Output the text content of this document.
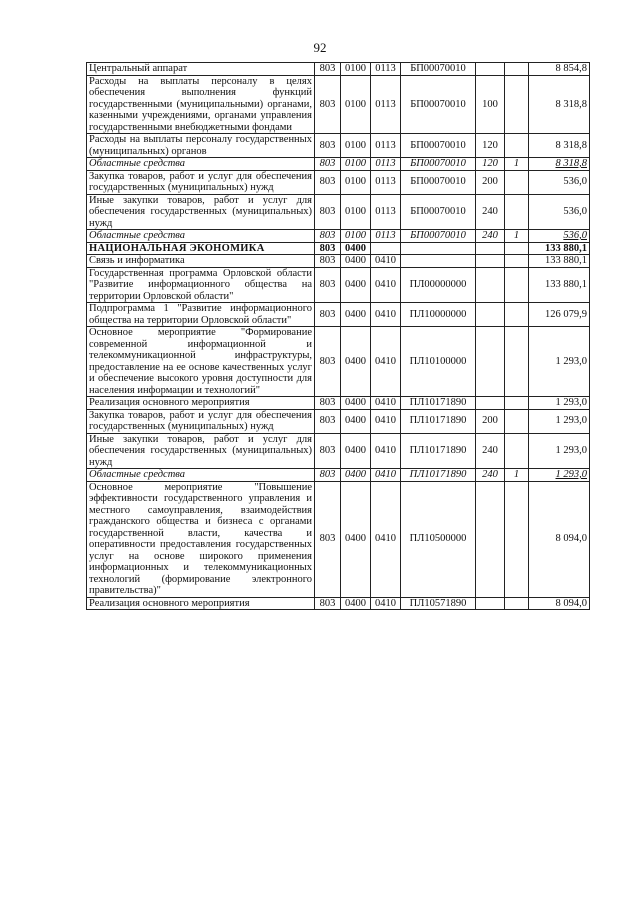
92
Центральный аппарат	803	0100	0113	БП00070010			8 854,8
Расходы на выплаты персоналу в целях обеспечения выполнения функций государственными (муниципальными) органами, казенными учреждениями, органами управления государственными внебюджетными фондами	803	0100	0113	БП00070010	100		8 318,8
Расходы на выплаты персоналу государственных (муниципальных) органов	803	0100	0113	БП00070010	120		8 318,8
Областные средства	803	0100	0113	БП00070010	120	1	8 318,8
Закупка товаров, работ и услуг для обеспечения государственных (муниципальных) нужд	803	0100	0113	БП00070010	200		536,0
Иные закупки товаров, работ и услуг для обеспечения государственных (муниципальных) нужд	803	0100	0113	БП00070010	240		536,0
Областные средства	803	0100	0113	БП00070010	240	1	536,0
НАЦИОНАЛЬНАЯ ЭКОНОМИКА	803	0400					133 880,1
Связь и информатика	803	0400	0410				133 880,1
Государственная программа Орловской области "Развитие информационного общества на территории Орловской области"	803	0400	0410	ПЛ00000000			133 880,1
Подпрограмма 1 "Развитие информационного общества на территории Орловской области"	803	0400	0410	ПЛ10000000			126 079,9
Основное мероприятие "Формирование современной информационной и телекоммуникационной инфраструктуры, предоставление на ее основе качественных услуг и обеспечение высокого уровня доступности для населения информации и технологий"	803	0400	0410	ПЛ10100000			1 293,0
Реализация основного мероприятия	803	0400	0410	ПЛ10171890			1 293,0
Закупка товаров, работ и услуг для обеспечения государственных (муниципальных) нужд	803	0400	0410	ПЛ10171890	200		1 293,0
Иные закупки товаров, работ и услуг для обеспечения государственных (муниципальных) нужд	803	0400	0410	ПЛ10171890	240		1 293,0
Областные средства	803	0400	0410	ПЛ10171890	240	1	1 293,0
Основное мероприятие "Повышение эффективности государственного управления и местного самоуправления, взаимодействия гражданского общества и бизнеса с органами государственной власти, качества и оперативности предоставления государственных услуг на основе широкого применения информационных и телекоммуникационных технологий (формирование электронного правительства)"	803	0400	0410	ПЛ10500000			8 094,0
Реализация основного мероприятия	803	0400	0410	ПЛ10571890			8 094,0
